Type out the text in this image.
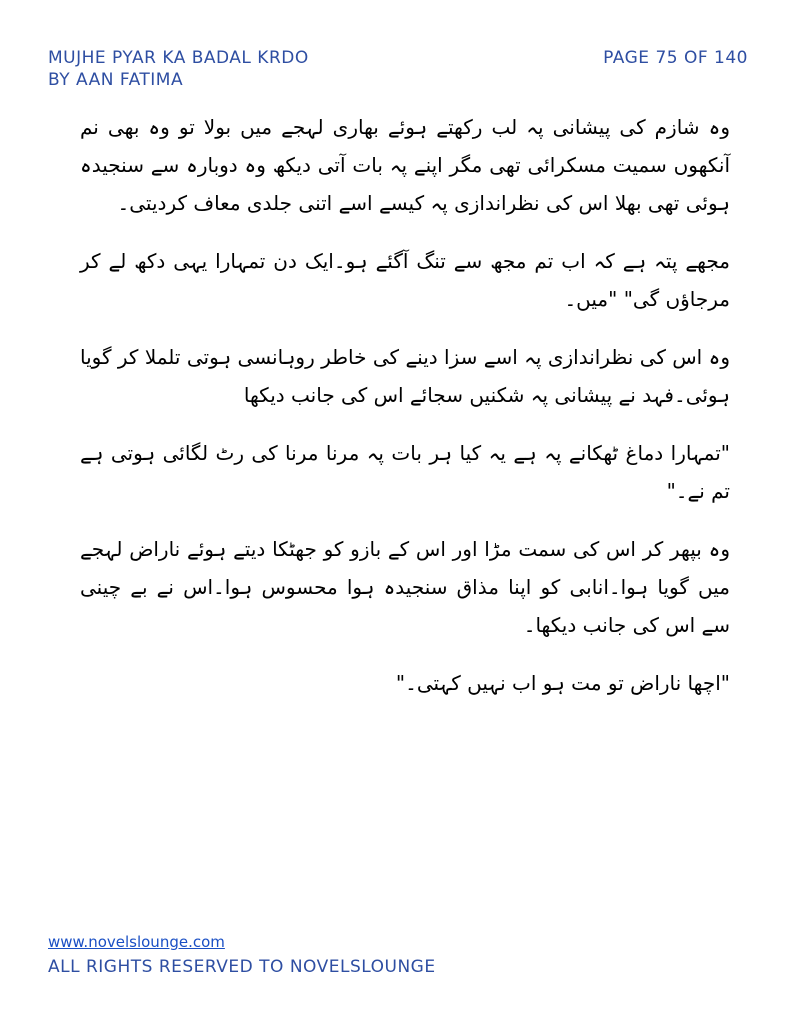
MUJHE PYAR KA BADAL KRDO
BY AAN FATIMA
PAGE 75 OF 140

وہ شازم کی پیشانی پہ لب رکھتے ہوئے بھاری لہجے میں بولا تو وہ بھی نم آنکھوں سمیت مسکرائی تھی مگر اپنے پہ بات آتی دیکھ وہ دوبارہ سے سنجیدہ ہوئی تھی بھلا اس کی نظراندازی پہ کیسے اسے اتنی جلدی معاف کردیتی۔

مجھے پتہ ہے کہ اب تم مجھ سے تنگ آگئے ہو۔ایک دن تمہارا یہی دکھ لے کر مرجاؤں گی" "میں۔

وہ اس کی نظراندازی پہ اسے سزا دینے کی خاطر روہانسی ہوتی تلملا کر گویا ہوئی۔فہد نے پیشانی پہ شکنیں سجائے اس کی جانب دیکھا

"تمہارا دماغ ٹھکانے پہ ہے یہ کیا ہر بات پہ مرنا مرنا کی رٹ لگائی ہوتی ہے تم نے۔"

وہ بپھر کر اس کی سمت مڑا اور اس کے بازو کو جھٹکا دیتے ہوئے ناراض لہجے میں گویا ہوا۔انابی کو اپنا مذاق سنجیدہ ہوا محسوس ہوا۔اس نے بے چینی سے اس کی جانب دیکھا۔

"اچھا ناراض تو مت ہو اب نہیں کہتی۔"

www.novelslounge.com
ALL RIGHTS RESERVED TO NOVELSLOUNGE
